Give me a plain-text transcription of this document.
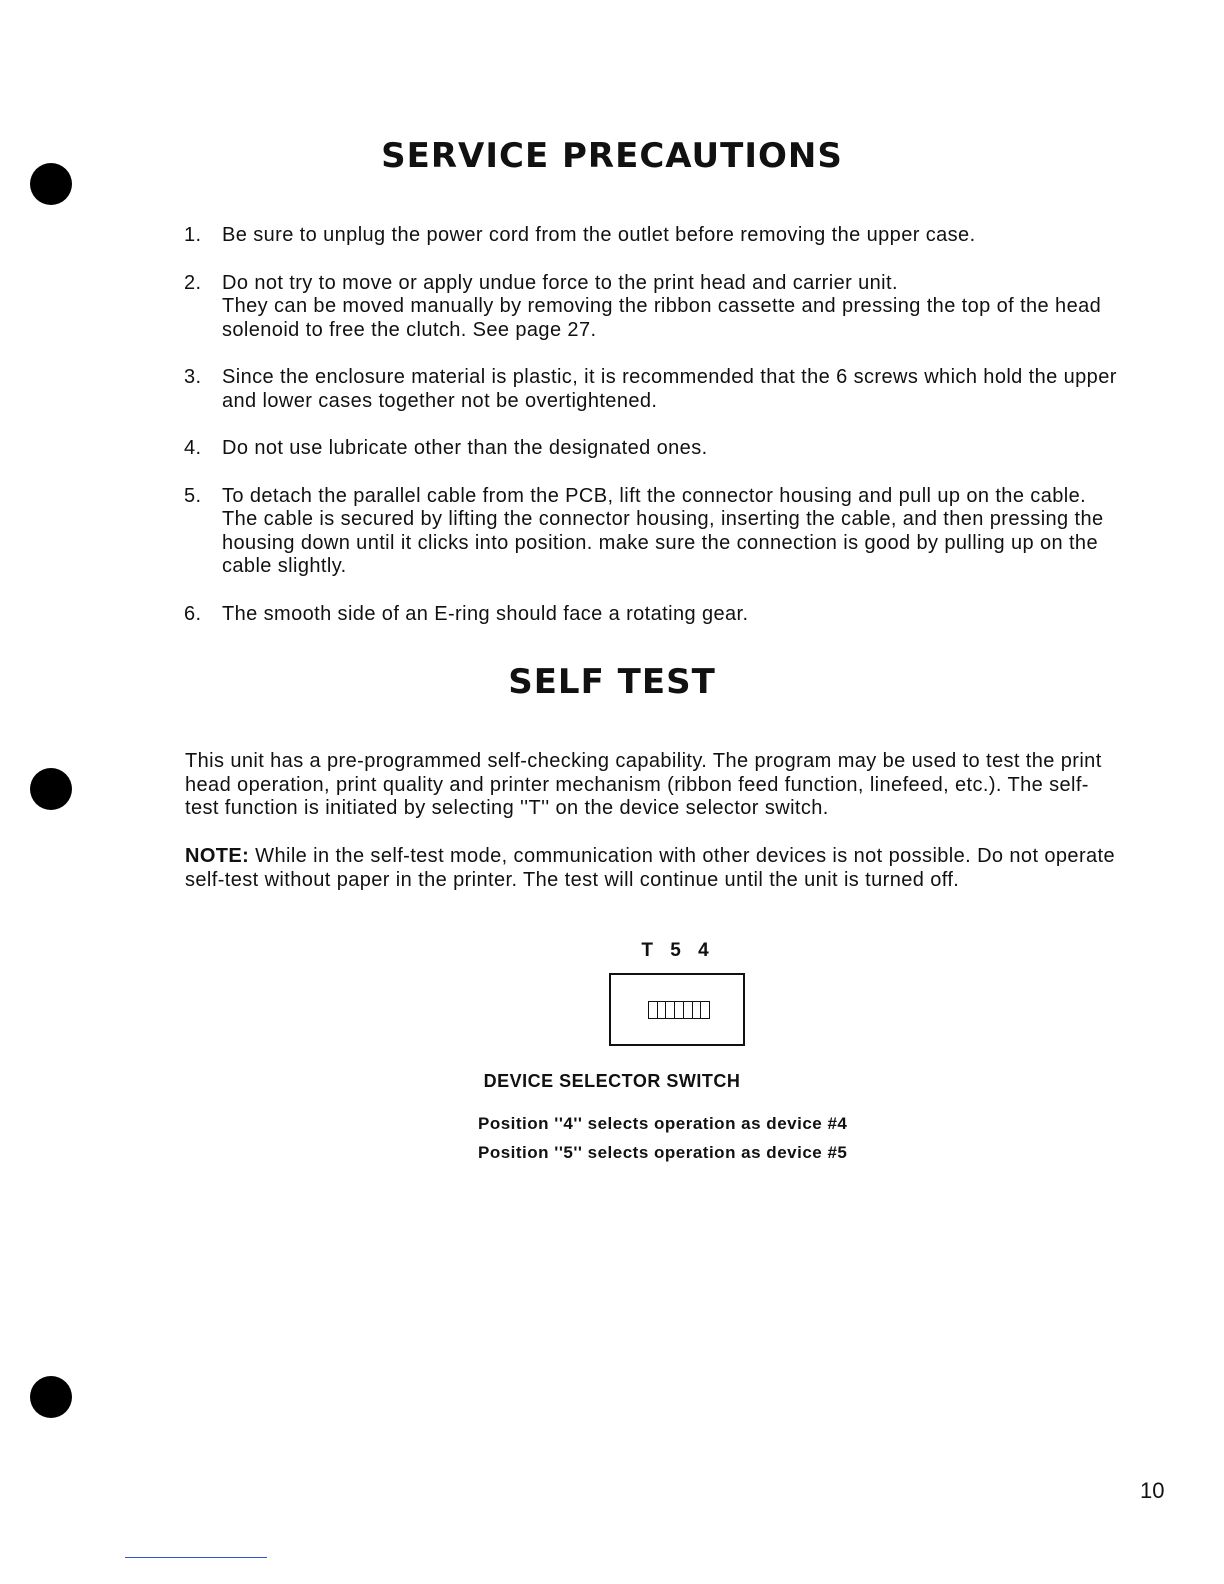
SERVICE PRECAUTIONS
1. Be sure to unplug the power cord from the outlet before removing the upper case.
2. Do not try to move or apply undue force to the print head and carrier unit.
They can be moved manually by removing the ribbon cassette and pressing the top of the head
solenoid to free the clutch. See page 27.
3. Since the enclosure material is plastic, it is recommended that the 6 screws which hold the upper
and lower cases together not be overtightened.
4. Do not use lubricate other than the designated ones.
5. To detach the parallel cable from the PCB, lift the connector housing and pull up on the cable.
The cable is secured by lifting the connector housing, inserting the cable, and then pressing the
housing down until it clicks into position. make sure the connection is good by pulling up on the
cable slightly.
6. The smooth side of an E-ring should face a rotating gear.
SELF TEST
This unit has a pre-programmed self-checking capability. The program may be used to test the print
head operation, print quality and printer mechanism (ribbon feed function, linefeed, etc.). The self-
test function is initiated by selecting ''T'' on the device selector switch.
NOTE: While in the self-test mode, communication with other devices is not possible. Do not operate
self-test without paper in the printer. The test will continue until the unit is turned off.
T 5 4

DEVICE SELECTOR SWITCH

Position ''4'' selects operation as device #4

Position ''5'' selects operation as device #5

10
